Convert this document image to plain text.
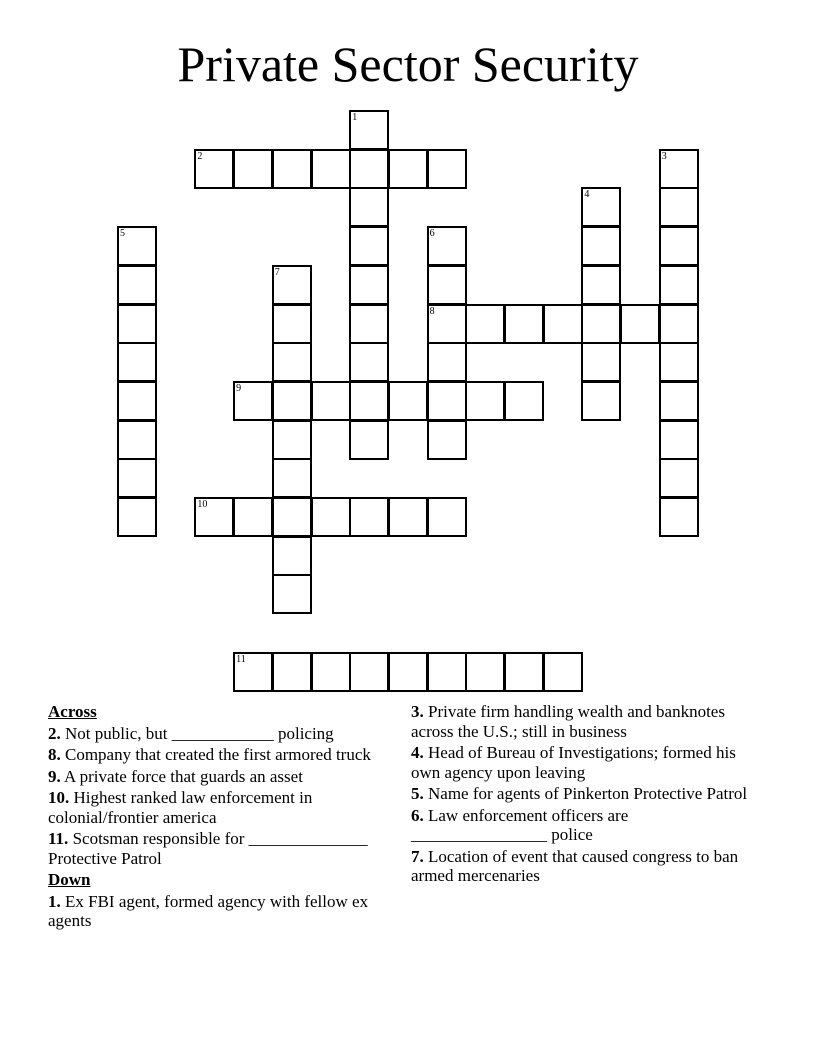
Private Sector Security
1
2	3
4
5	6
8
7
9
10
11
Across
2. Not public, but ____________ policing
8. Company that created the first armored truck
9. A private force that guards an asset
10. Highest ranked law enforcement in colonial/frontier america
11. Scotsman responsible for ______________ Protective Patrol
Down
1. Ex FBI agent, formed agency with fellow ex agents
3. Private firm handling wealth and banknotes across the U.S.; still in business
4. Head of Bureau of Investigations; formed his own agency upon leaving
5. Name for agents of Pinkerton Protective Patrol
6. Law enforcement officers are ________________ police
7. Location of event that caused congress to ban armed mercenaries
